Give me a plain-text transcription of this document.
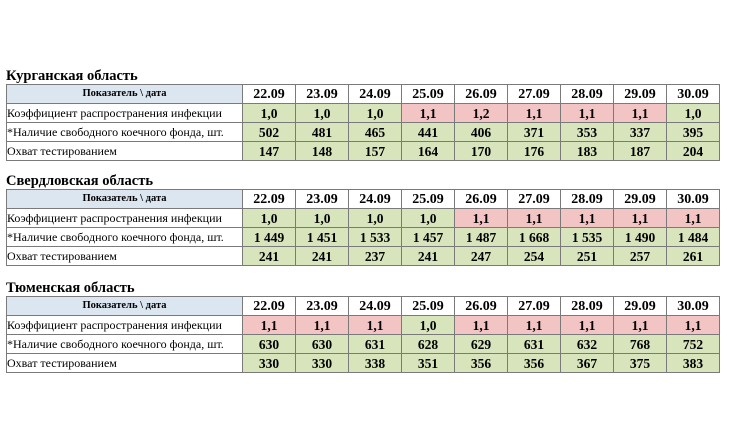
Курганская область
Показатель \ дата	22.09	23.09	24.09	25.09	26.09	27.09	28.09	29.09	30.09
Коэффициент распространения инфекции	1,0	1,0	1,0	1,1	1,2	1,1	1,1	1,1	1,0
*Наличие свободного коечного фонда, шт.	502	481	465	441	406	371	353	337	395
Охват тестированием	147	148	157	164	170	176	183	187	204
Свердловская область
Показатель \ дата	22.09	23.09	24.09	25.09	26.09	27.09	28.09	29.09	30.09
Коэффициент распространения инфекции	1,0	1,0	1,0	1,0	1,1	1,1	1,1	1,1	1,1
*Наличие свободного коечного фонда, шт.	1 449	1 451	1 533	1 457	1 487	1 668	1 535	1 490	1 484
Охват тестированием	241	241	237	241	247	254	251	257	261
Тюменская область
Показатель \ дата	22.09	23.09	24.09	25.09	26.09	27.09	28.09	29.09	30.09
Коэффициент распространения инфекции	1,1	1,1	1,1	1,0	1,1	1,1	1,1	1,1	1,1
*Наличие свободного коечного фонда, шт.	630	630	631	628	629	631	632	768	752
Охват тестированием	330	330	338	351	356	356	367	375	383
